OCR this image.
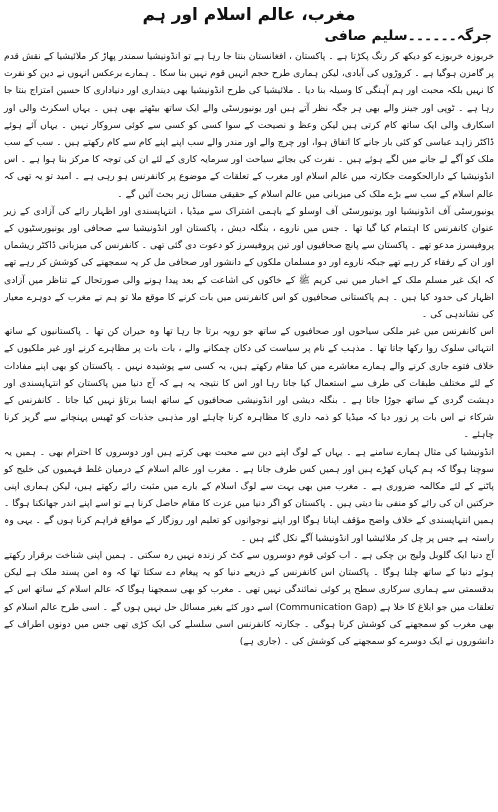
مغرب، عالم اسلام اور ہم
جرگہ۔۔۔۔۔۔سلیم صافی

خربوزہ خربوزے کو دیکھ کر رنگ پکڑتا ہے ۔ پاکستان ، افغانستان بنتا جا رہا ہے تو انڈونیشیا سمندر پھاڑ کر ملائیشیا کے نقش قدم پر گامزن ہوگیا ہے ۔ کروڑوں کی آبادی، لیکن ہماری طرح حجم انہیں قوم نہیں بنا سکا ۔ ہمارے برعکس انہوں نے دین کو نفرت کا نہیں بلکہ محبت اور ہم آہنگی کا وسیلہ بنا دیا ۔ ملائیشیا کی طرح انڈونیشیا بھی دینداری اور دنیاداری کا حسین امتزاج بنتا جا رہا ہے ۔ ٹوپی اور جینز والے بھی ہر جگہ نظر آتے ہیں اور یونیورسٹی والے ایک ساتھ بیٹھتے بھی ہیں ۔ یہاں اسکرٹ والی اور اسکارف والی ایک ساتھ کام کرتی ہیں لیکن وعظ و نصیحت کے سوا کسی کو کسی سے کوئی سروکار نہیں ۔ یہاں آئے ہوئے ڈاکٹر زاہد عباسی کو کئی بار جانے کا اتفاق ہوا، اور چرچ والے اور مندر والے سب اپنے اپنے کام سے کام رکھتے ہیں ۔ سب کے سب ملک کو آگے لے جانے میں لگے ہوئے ہیں ۔ نفرت کی بجائے سیاحت اور سرمایہ کاری کے لئے ان کی توجہ کا مرکز بنا ہوا ہے ۔ اس انڈونیشیا کے دارالحکومت جکارتہ میں عالم اسلام اور مغرب کے تعلقات کے موضوع پر کانفرنس ہو رہی ہے ۔ امید تو یہ تھی کہ عالم اسلام کے سب سے بڑے ملک کی میزبانی میں عالم اسلام کے حقیقی مسائل زیر بحث آئیں گے ۔

یونیورسٹی آف انڈونیشیا اور یونیورسٹی آف اوسلو کے باہمی اشتراک سے میڈیا ، انتہاپسندی اور اظہار رائے کی آزادی کے زیر عنوان کانفرنس کا اہتمام کیا گیا تھا ۔ جس میں ناروے ، بنگلہ دیش ، پاکستان اور انڈونیشیا سے صحافی اور یونیورسٹیوں کے پروفیسرز مدعو تھے ۔ پاکستان سے پانچ صحافیوں اور تین پروفیسرز کو دعوت دی گئی تھی ۔ کانفرنس کی میزبانی ڈاکٹر ریشماں اور ان کے رفقاء کر رہے تھے جبکہ ناروے اور دو مسلمان ملکوں کے دانشور اور صحافی مل کر یہ سمجھنے کی کوشش کر رہے تھے کہ ایک غیر مسلم ملک کے اخبار میں نبی کریم ﷺ کے خاکوں کی اشاعت کے بعد پیدا ہونے والی صورتحال کے تناظر میں آزادی اظہار کی حدود کیا ہیں ۔ ہم پاکستانی صحافیوں کو اس کانفرنس میں بات کرنے کا موقع ملا تو ہم نے مغرب کے دوہرے معیار کی نشاندہی کی ۔

اس کانفرنس میں غیر ملکی سیاحوں اور صحافیوں کے ساتھ جو رویہ برتا جا رہا تھا وہ حیران کن تھا ۔ پاکستانیوں کے ساتھ انتہائی سلوک روا رکھا جاتا تھا ۔ مذہب کے نام پر سیاست کی دکان چمکانے والے ، بات بات پر مظاہرے کرنے اور غیر ملکیوں کے خلاف فتوے جاری کرنے والے ہمارے معاشرے میں کیا مقام رکھتے ہیں، یہ کسی سے پوشیدہ نہیں ۔ پاکستان کو بھی اپنے مفادات کے لئے مختلف طبقات کی طرف سے استعمال کیا جاتا رہا اور اس کا نتیجہ یہ ہے کہ آج دنیا میں پاکستان کو انتہاپسندی اور دہشت گردی کے ساتھ جوڑا جاتا ہے ۔ بنگلہ دیشی اور انڈونیشی صحافیوں کے ساتھ ایسا برتاؤ نہیں کیا جاتا ۔ کانفرنس کے شرکاء نے اس بات پر زور دیا کہ میڈیا کو ذمہ داری کا مظاہرہ کرنا چاہئے اور مذہبی جذبات کو ٹھیس پہنچانے سے گریز کرنا چاہئے ۔

انڈونیشیا کی مثال ہمارے سامنے ہے ۔ یہاں کے لوگ اپنے دین سے محبت بھی کرتے ہیں اور دوسروں کا احترام بھی ۔ ہمیں یہ سوچنا ہوگا کہ ہم کہاں کھڑے ہیں اور ہمیں کس طرف جانا ہے ۔ مغرب اور عالم اسلام کے درمیان غلط فہمیوں کی خلیج کو پاٹنے کے لئے مکالمہ ضروری ہے ۔ مغرب میں بھی بہت سے لوگ اسلام کے بارے میں مثبت رائے رکھتے ہیں، لیکن ہماری اپنی حرکتیں ان کی رائے کو منفی بنا دیتی ہیں ۔ پاکستان کو اگر دنیا میں عزت کا مقام حاصل کرنا ہے تو اسے اپنے اندر جھانکنا ہوگا ۔ ہمیں انتہاپسندی کے خلاف واضح مؤقف اپنانا ہوگا اور اپنے نوجوانوں کو تعلیم اور روزگار کے مواقع فراہم کرنا ہوں گے ۔ یہی وہ راستہ ہے جس پر چل کر ملائیشیا اور انڈونیشیا آگے نکل گئے ہیں ۔

آج دنیا ایک گلوبل ولیج بن چکی ہے ۔ اب کوئی قوم دوسروں سے کٹ کر زندہ نہیں رہ سکتی ۔ ہمیں اپنی شناخت برقرار رکھتے ہوئے دنیا کے ساتھ چلنا ہوگا ۔ پاکستان اس کانفرنس کے ذریعے دنیا کو یہ پیغام دے سکتا تھا کہ وہ امن پسند ملک ہے لیکن بدقسمتی سے ہماری سرکاری سطح پر کوئی نمائندگی نہیں تھی ۔ مغرب کو بھی سمجھنا ہوگا کہ عالم اسلام کے ساتھ اس کے تعلقات میں جو ابلاغ کا خلا ہے (Communication Gap) اسے دور کئے بغیر مسائل حل نہیں ہوں گے ۔ اسی طرح عالم اسلام کو بھی مغرب کو سمجھنے کی کوشش کرنا ہوگی ۔ جکارتہ کانفرنس اسی سلسلے کی ایک کڑی تھی جس میں دونوں اطراف کے دانشوروں نے ایک دوسرے کو سمجھنے کی کوشش کی ۔ (جاری ہے)
